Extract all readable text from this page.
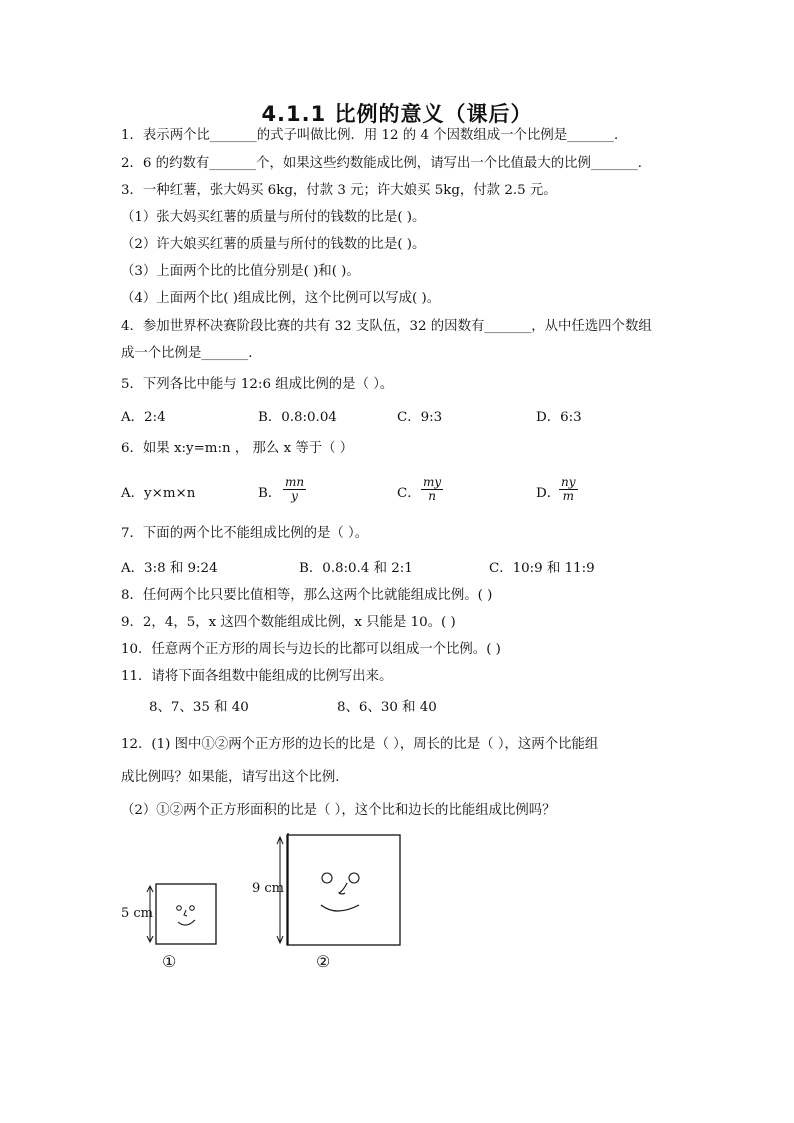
4.1.1 比例的意义（课后）
1．表示两个比_______的式子叫做比例．用 12 的 4 个因数组成一个比例是_______．
2．6 的约数有_______个，如果这些约数能成比例，请写出一个比值最大的比例_______．
3．一种红薯，张大妈买 6kg，付款 3 元；许大娘买 5kg，付款 2.5 元。
（1）张大妈买红薯的质量与所付的钱数的比是( )。
（2）许大娘买红薯的质量与所付的钱数的比是( )。
（3）上面两个比的比值分别是( )和( )。
（4）上面两个比( )组成比例，这个比例可以写成( )。
4．参加世界杯决赛阶段比赛的共有 32 支队伍，32 的因数有_______，从中任选四个数组
成一个比例是_______．
5．下列各比中能与 12:6 组成比例的是（ ）。
A．2:4	B．0.8:0.04	C．9:3	D．6:3
6．如果 x:y=m:n ， 那么 x 等于（ ）
A．y×m×n	B． $\frac{mn}{y}$	C． $\frac{my}{n}$	D．
$\frac{ny}{m}$
7．下面的两个比不能组成比例的是（ ）。
A．3:8 和 9:24	B．0.8:0.4 和 2:1	C．10:9 和 11:9
8．任何两个比只要比值相等，那么这两个比就能组成比例。( )
9．2，4，5，x 这四个数能组成比例，x 只能是 10。( )
10．任意两个正方形的周长与边长的比都可以组成一个比例。( )
11．请将下面各组数中能组成的比例写出来。
8、7、35 和 40	8、6、30 和 40
12．(1) 图中①②两个正方形的边长的比是（ ），周长的比是（ ），这两个比能组
成比例吗？如果能，请写出这个比例．
（2）①②两个正方形面积的比是（ ），这个比和边长的比能组成比例吗？
5 cm
9 cm
①	②
